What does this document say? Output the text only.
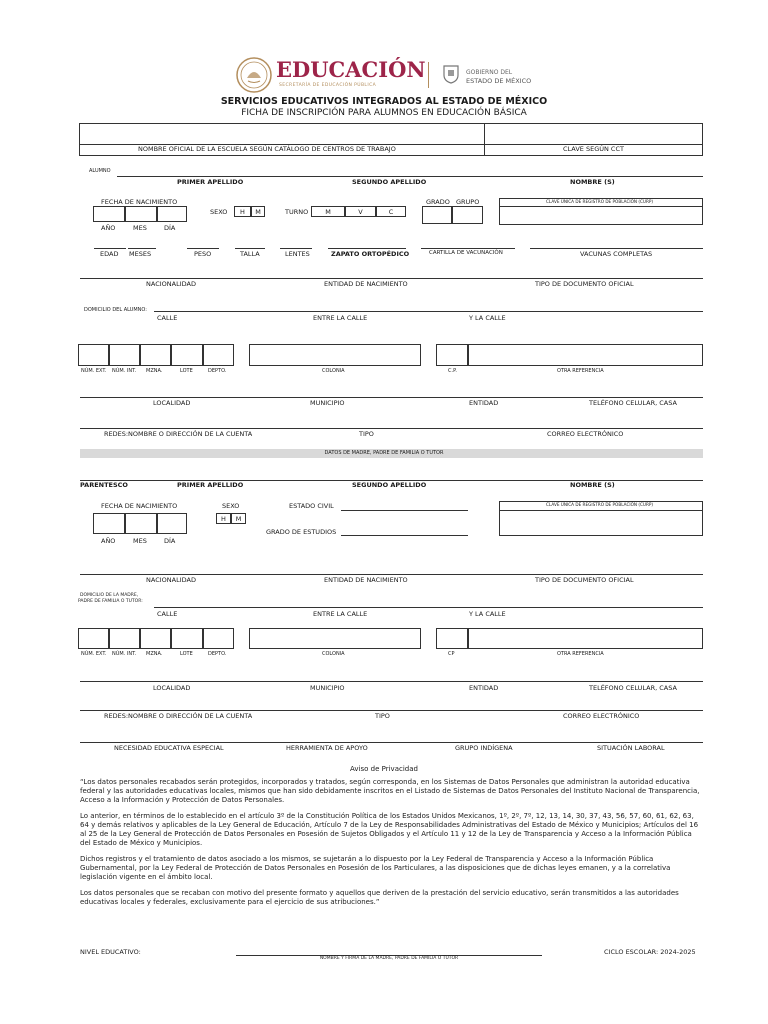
EDUCACIÓN
SECRETARÍA DE EDUCACIÓN PÚBLICA
GOBIERNO DEL
ESTADO DE MÉXICO
SERVICIOS EDUCATIVOS INTEGRADOS AL ESTADO DE MÉXICO
FICHA DE INSCRIPCIÓN PARA ALUMNOS EN EDUCACIÓN BÁSICA
NOMBRE OFICIAL DE LA ESCUELA SEGÚN CATÁLOGO DE CENTROS DE TRABAJO	CLAVE SEGÚN CCT
ALUMNO
PRIMER APELLIDO	SEGUNDO APELLIDO	NOMBRE (S)
FECHA DE NACIMIENTO
AÑO	MES	DÍA
SEXO	H	M	TURNO	M	V	C
GRADO GRUPO	CLAVE ÚNICA DE REGISTRO DE POBLACIÓN (CURP)
EDAD MESES	PESO	TALLA	LENTES	ZAPATO ORTOPÉDICO	CARTILLA DE VACUNACIÓN	VACUNAS COMPLETAS
NACIONALIDAD	ENTIDAD DE NACIMIENTO	TIPO DE DOCUMENTO OFICIAL
DOMICILIO DEL ALUMNO:
CALLE	ENTRE LA CALLE	Y LA CALLE
NÚM. EXT. NÚM. INT. MZNA.	LOTE	DEPTO.	COLONIA	C.P.	OTRA REFERENCIA
LOCALIDAD	MUNICIPIO	ENTIDAD	TELÉFONO CELULAR, CASA
REDES:NOMBRE O DIRECCIÓN DE LA CUENTA	TIPO	CORREO ELECTRÓNICO
DATOS DE MADRE, PADRE DE FAMILIA O TUTOR
PARENTESCO	PRIMER APELLIDO	SEGUNDO APELLIDO	NOMBRE (S)
FECHA DE NACIMIENTO
AÑO	MES	DÍA
SEXO
H	M
ESTADO CIVIL
GRADO DE ESTUDIOS
CLAVE ÚNICA DE REGISTRO DE POBLACIÓN (CURP)
NACIONALIDAD	ENTIDAD DE NACIMIENTO	TIPO DE DOCUMENTO OFICIAL
DOMICILIO DE LA MADRE,
PADRE DE FAMILIA O TUTOR:
CALLE	ENTRE LA CALLE	Y LA CALLE
NÚM. EXT. NÚM. INT. MZNA.	LOTE	DEPTO.	COLONIA	CP	OTRA REFERENCIA
LOCALIDAD	MUNICIPIO	ENTIDAD	TELÉFONO CELULAR, CASA
REDES:NOMBRE O DIRECCIÓN DE LA CUENTA	TIPO	CORREO ELECTRÓNICO
NECESIDAD EDUCATIVA ESPECIAL	HERRAMIENTA DE APOYO	GRUPO INDÍGENA	SITUACIÓN LABORAL
Aviso de Privacidad

“Los datos personales recabados serán protegidos, incorporados y tratados, según corresponda, en los Sistemas de Datos Personales que administran la autoridad educativa federal y las autoridades educativas locales, mismos que han sido debidamente inscritos en el Listado de Sistemas de Datos Personales del Instituto Nacional de Transparencia, Acceso a la Información y Protección de Datos Personales.

Lo anterior, en términos de lo establecido en el artículo 3º de la Constitución Política de los Estados Unidos Mexicanos, 1º, 2º, 7º, 12, 13, 14, 30, 37, 43, 56, 57, 60, 61, 62, 63, 64 y demás relativos y aplicables de la Ley General de Educación, Artículo 7 de la Ley de Responsabilidades Administrativas del Estado de México y Municipios; Artículos del 16 al 25 de la Ley General de Protección de Datos Personales en Posesión de Sujetos Obligados y el Artículo 11 y 12 de la Ley de Transparencia y Acceso a la Información Pública del Estado de México y Municipios.

Dichos registros y el tratamiento de datos asociado a los mismos, se sujetarán a lo dispuesto por la Ley Federal de Transparencia y Acceso a la Información Pública Gubernamental, por la Ley Federal de Protección de Datos Personales en Posesión de los Particulares, a las disposiciones que de dichas leyes emanen, y a la correlativa legislación vigente en el ámbito local.

Los datos personales que se recaban con motivo del presente formato y aquellos que deriven de la prestación del servicio educativo, serán transmitidos a las autoridades educativas locales y federales, exclusivamente para el ejercicio de sus atribuciones.”

NIVEL EDUCATIVO:
NOMBRE Y FIRMA DE LA MADRE, PADRE DE FAMILIA O TUTOR
CICLO ESCOLAR: 2024-2025
